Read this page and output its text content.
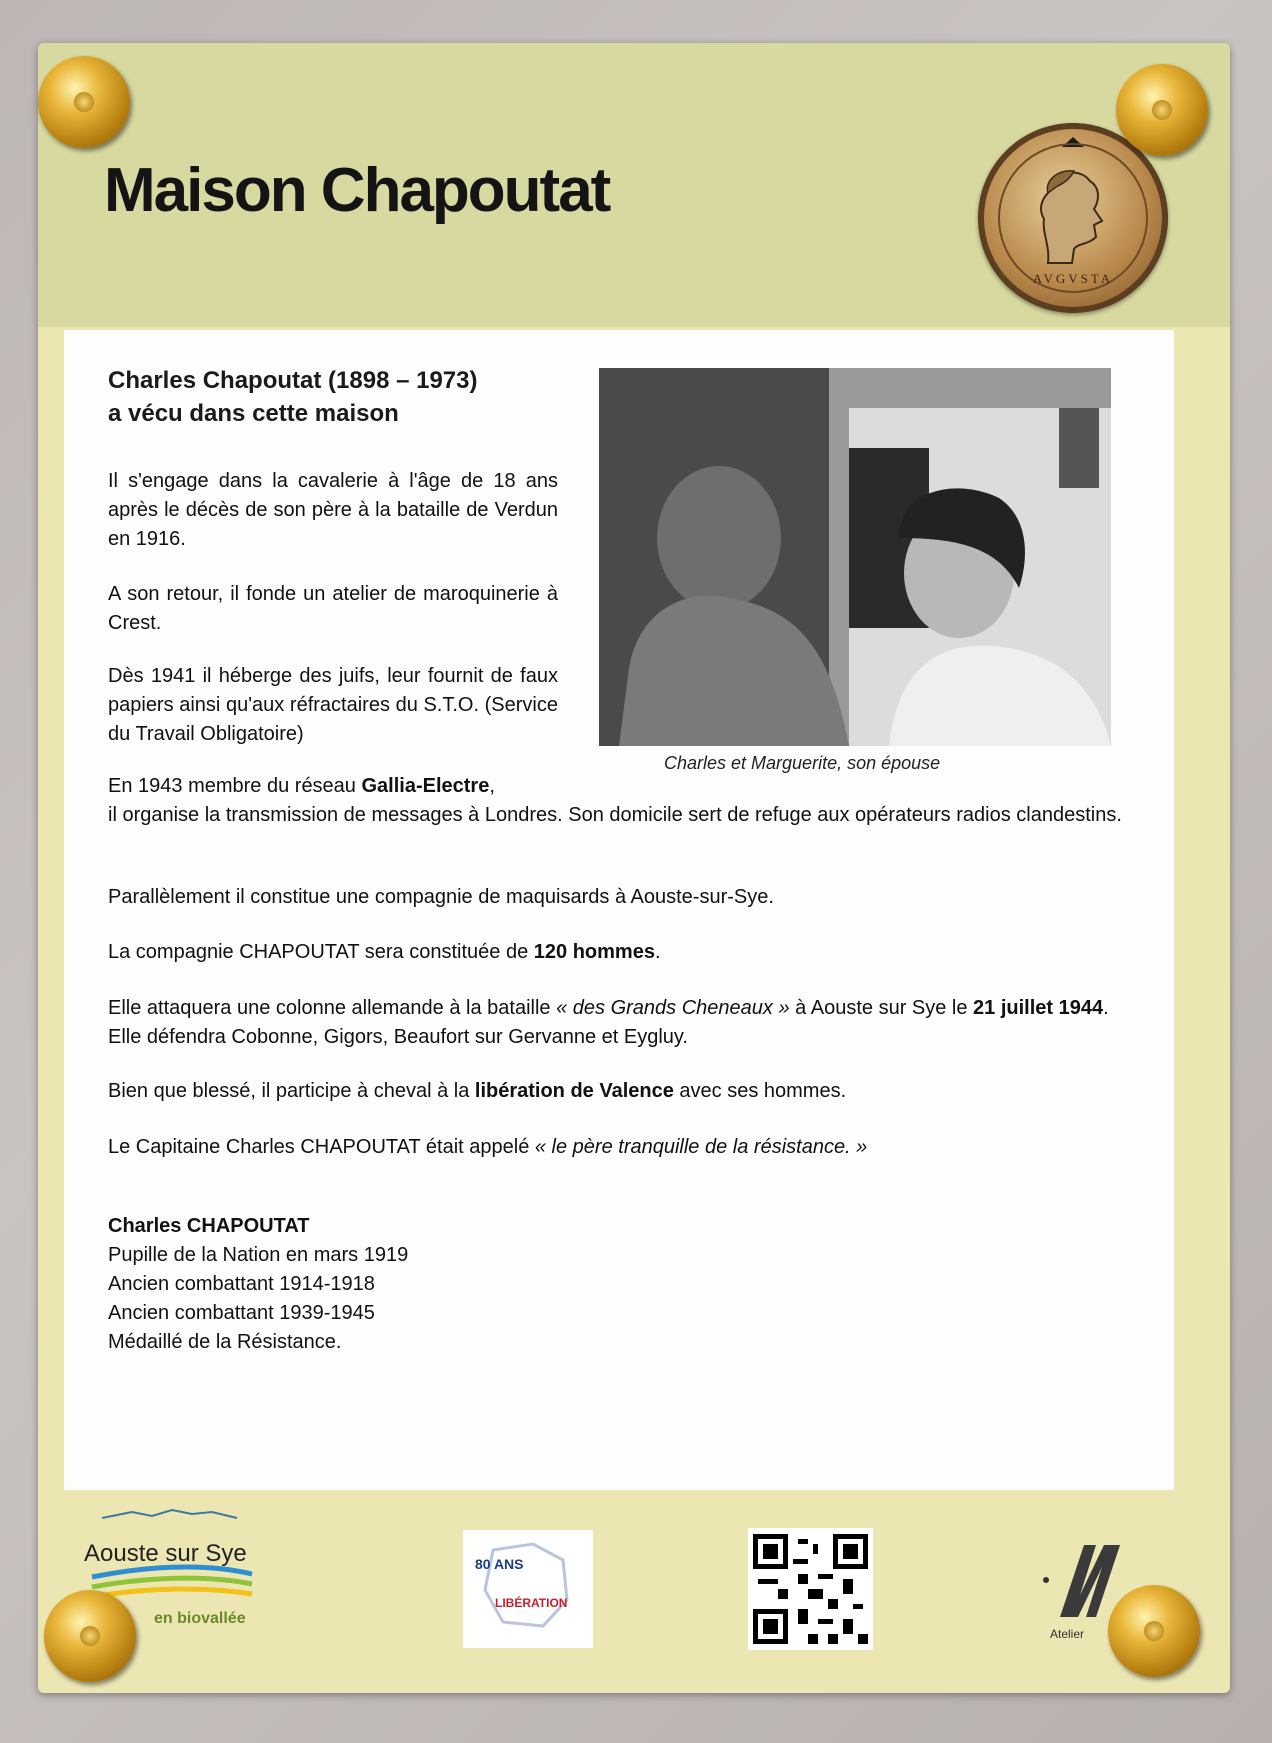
Maison Chapoutat
AVGVSTA
Charles Chapoutat (1898 – 1973)
a vécu dans cette maison
Il s'engage dans la cavalerie à l'âge de 18 ans après le décès de son père à la bataille de Verdun en 1916.
A son retour, il fonde un atelier de maroquinerie à Crest.
Dès 1941 il héberge des juifs, leur fournit de faux papiers ainsi qu'aux réfractaires du S.T.O. (Service du Travail Obligatoire)
En 1943 membre du réseau Gallia-Electre,
il organise la transmission de messages à Londres. Son domicile sert de refuge aux opérateurs radios clandestins.
Parallèlement il constitue une compagnie de maquisards à Aouste-sur-Sye.
La compagnie CHAPOUTAT sera constituée de 120 hommes.
Elle attaquera une colonne allemande à la bataille « des Grands Cheneaux » à Aouste sur Sye le 21 juillet 1944. Elle défendra Cobonne, Gigors, Beaufort sur Gervanne et Eygluy.
Bien que blessé, il participe à cheval à la libération de Valence avec ses hommes.
Le Capitaine Charles CHAPOUTAT était appelé « le père tranquille de la résistance. »
Charles CHAPOUTAT
Pupille de la Nation en mars 1919
Ancien combattant 1914-1918
Ancien combattant 1939-1945
Médaillé de la Résistance.
Charles et Marguerite, son épouse
Aouste sur Sye
en biovallée
80 ANS
LIBÉRATION
Atelier
